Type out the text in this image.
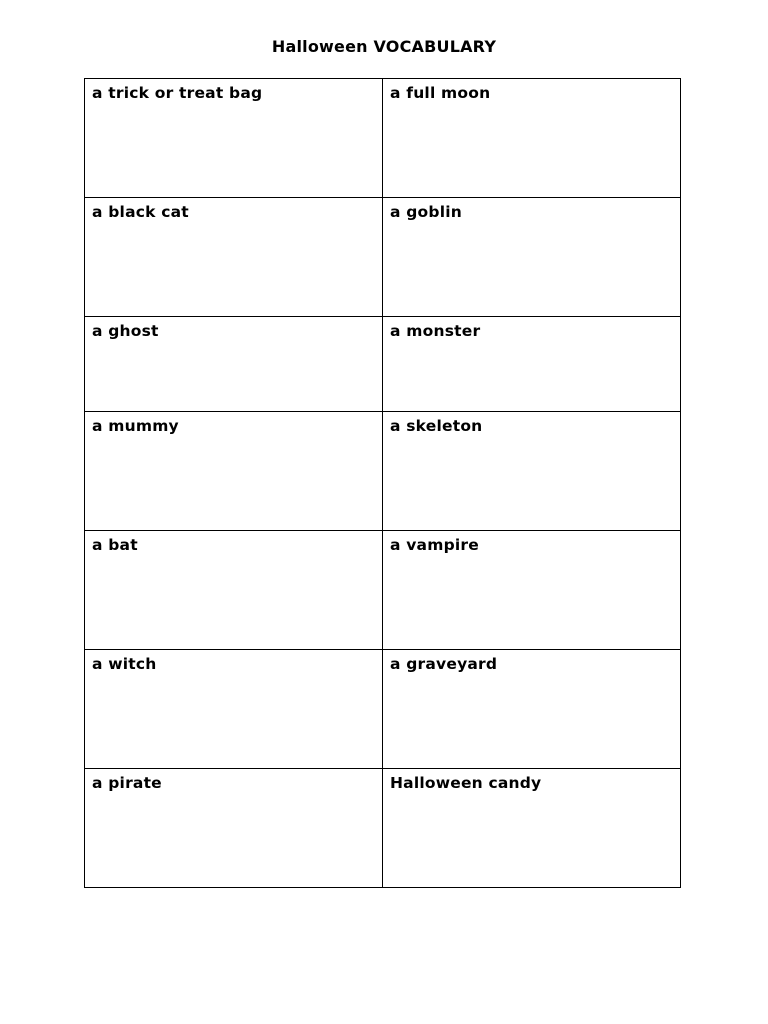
Halloween VOCABULARY
a trick or treat bag	a full moon

a black cat	a goblin

a ghost	a monster

a mummy	a skeleton

a bat	a vampire

a witch	a graveyard

a pirate	Halloween candy
